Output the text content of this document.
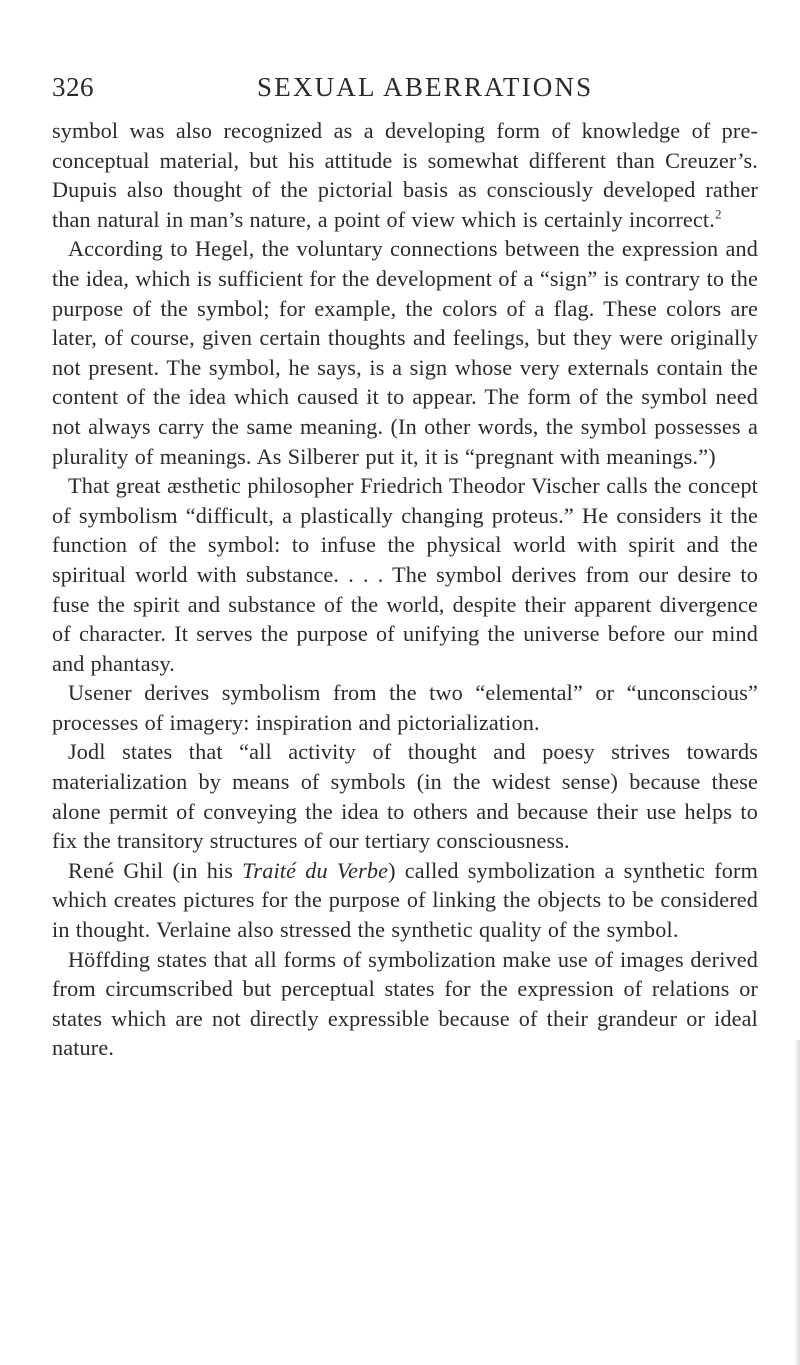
326	SEXUAL ABERRATIONS

symbol was also recognized as a developing form of knowledge of pre-conceptual material, but his attitude is somewhat different than Creuzer’s. Dupuis also thought of the pictorial basis as consciously developed rather than natural in man’s nature, a point of view which is certainly incorrect.$^2$

According to Hegel, the voluntary connections between the expression and the idea, which is sufficient for the development of a “sign” is contrary to the purpose of the symbol; for example, the colors of a flag. These colors are later, of course, given certain thoughts and feelings, but they were originally not present. The symbol, he says, is a sign whose very externals contain the content of the idea which caused it to appear. The form of the symbol need not always carry the same meaning. (In other words, the symbol possesses a plurality of meanings. As Silberer put it, it is “pregnant with meanings.”)

That great æsthetic philosopher Friedrich Theodor Vischer calls the concept of symbolism “difficult, a plastically changing proteus.” He considers it the function of the symbol: to infuse the physical world with spirit and the spiritual world with substance. . . . The symbol derives from our desire to fuse the spirit and substance of the world, despite their apparent divergence of character. It serves the purpose of unifying the universe before our mind and phantasy.

Usener derives symbolism from the two “elemental” or “unconscious” processes of imagery: inspiration and pictorialization.

Jodl states that “all activity of thought and poesy strives towards materialization by means of symbols (in the widest sense) because these alone permit of conveying the idea to others and because their use helps to fix the transitory structures of our tertiary consciousness.

René Ghil (in his Traité du Verbe) called symbolization a synthetic form which creates pictures for the purpose of linking the objects to be considered in thought. Verlaine also stressed the synthetic quality of the symbol.

Höffding states that all forms of symbolization make use of images derived from circumscribed but perceptual states for the expression of relations or states which are not directly expressible because of their grandeur or ideal nature.
